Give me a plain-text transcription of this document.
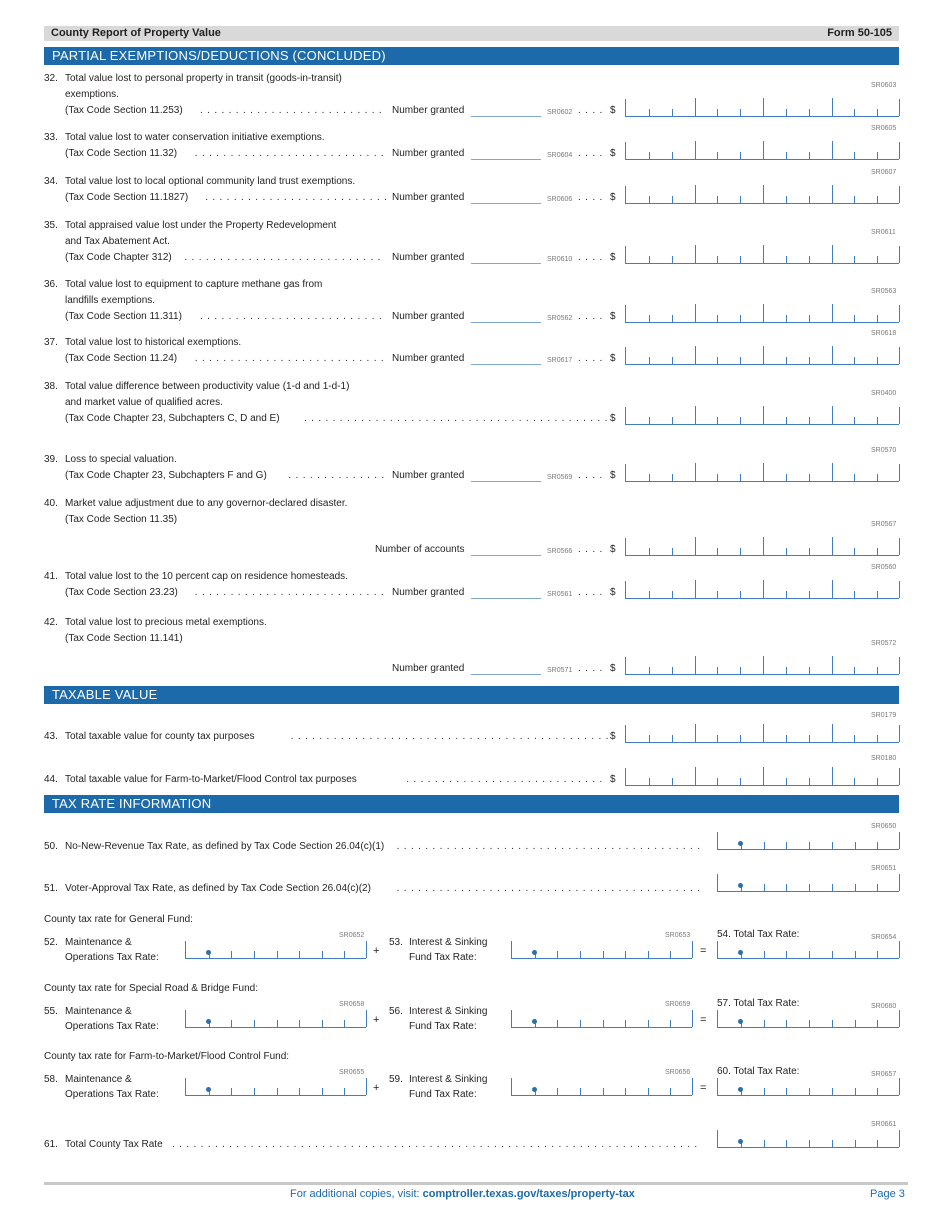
County Report of Property Value	Form 50-105
PARTIAL EXEMPTIONS/DEDUCTIONS (CONCLUDED)
TAXABLE VALUE
TAX RATE INFORMATION
32. Total value lost to personal property in transit (goods-in-transit)
exemptions.
(Tax Code Section 11.253) . . . . . . . . . . . . . . . . . . . . . . . . . . Number granted	SR0602 . . . . $
SR0603
33. Total value lost to water conservation initiative exemptions.
(Tax Code Section 11.32) . . . . . . . . . . . . . . . . . . . . . . . . . . . Number granted	SR0604 . . . . $
SR0605
34. Total value lost to local optional community land trust exemptions.
(Tax Code Section 11.1827) . . . . . . . . . . . . . . . . . . . . . . . . . . Number granted	SR0606 . . . . $
SR0607
35. Total appraised value lost under the Property Redevelopment
and Tax Abatement Act.
(Tax Code Chapter 312) . . . . . . . . . . . . . . . . . . . . . . . . . . . .	Number granted	SR0610 . . . . $
SR0611
36. Total value lost to equipment to capture methane gas from
landfills exemptions.
(Tax Code Section 11.311) . . . . . . . . . . . . . . . . . . . . . . . . . . Number granted	SR0562 . . . . $
SR0563
37. Total value lost to historical exemptions.
(Tax Code Section 11.24) . . . . . . . . . . . . . . . . . . . . . . . . . . . Number granted	SR0617 . . . . $
SR0618
38. Total value difference between productivity value (1-d and 1-d-1)
and market value of qualified acres.
(Tax Code Chapter 23, Subchapters C, D and E) . . . . . . . . . . . . . . . . . . . . . . . . . . . . . . . . . . . . . . . . . . . $
SR0400
39. Loss to special valuation.
(Tax Code Chapter 23, Subchapters F and G) . . . . . . . . . . . . . . Number granted	SR0569 . . . . $
SR0570
40. Market value adjustment due to any governor-declared disaster.
(Tax Code Section 11.35)
Number of accounts	SR0566 . . . . $
SR0567
41. Total value lost to the 10 percent cap on residence homesteads.
(Tax Code Section 23.23) . . . . . . . . . . . . . . . . . . . . . . . . . . . Number granted	SR0561 . . . . $
SR0560
42. Total value lost to precious metal exemptions.
(Tax Code Section 11.141)
Number granted	SR0571 . . . . $
SR0572
43. Total taxable value for county tax purposes	. . . . . . . . . . . . . . . . . . . . . . . . . . . . . . . . . . . . . . . . . . . . . $
SR0179
44. Total taxable value for Farm-to-Market/Flood Control tax purposes	. . . . . . . . . . . . . . . . . . . . . . . . . . . . $
SR0180
50. No-New-Revenue Tax Rate, as defined by Tax Code Section 26.04(c)(1) . . . . . . . . . . . . . . . . . . . . . . . . . . . . . . . . . . . . . . . . . . .
SR0650
51. Voter-Approval Tax Rate, as defined by Tax Code Section 26.04(c)(2)	. . . . . . . . . . . . . . . . . . . . . . . . . . . . . . . . . . . . . . . . . . .
SR0651
County tax rate for General Fund:
52. Maintenance &
Operations Tax Rate:
SR0652
+
53. Interest & Sinking
Fund Tax Rate:
SR0653
=
54. Total Tax Rate:	SR0654
County tax rate for Special Road & Bridge Fund:
55. Maintenance &
Operations Tax Rate:
SR0658
+
56. Interest & Sinking
Fund Tax Rate:
SR0659
=
57. Total Tax Rate:	SR0660
County tax rate for Farm-to-Market/Flood Control Fund:
58. Maintenance &
Operations Tax Rate:
SR0655
+
59. Interest & Sinking
Fund Tax Rate:
SR0656
=
60. Total Tax Rate:	SR0657
61. Total County Tax Rate . . . . . . . . . . . . . . . . . . . . . . . . . . . . . . . . . . . . . . . . . . . . . . . . . . . . . . . . . . . . . . . . . . . . . . . . . .
SR0661
For additional copies, visit: comptroller.texas.gov/taxes/property-tax	Page 3
